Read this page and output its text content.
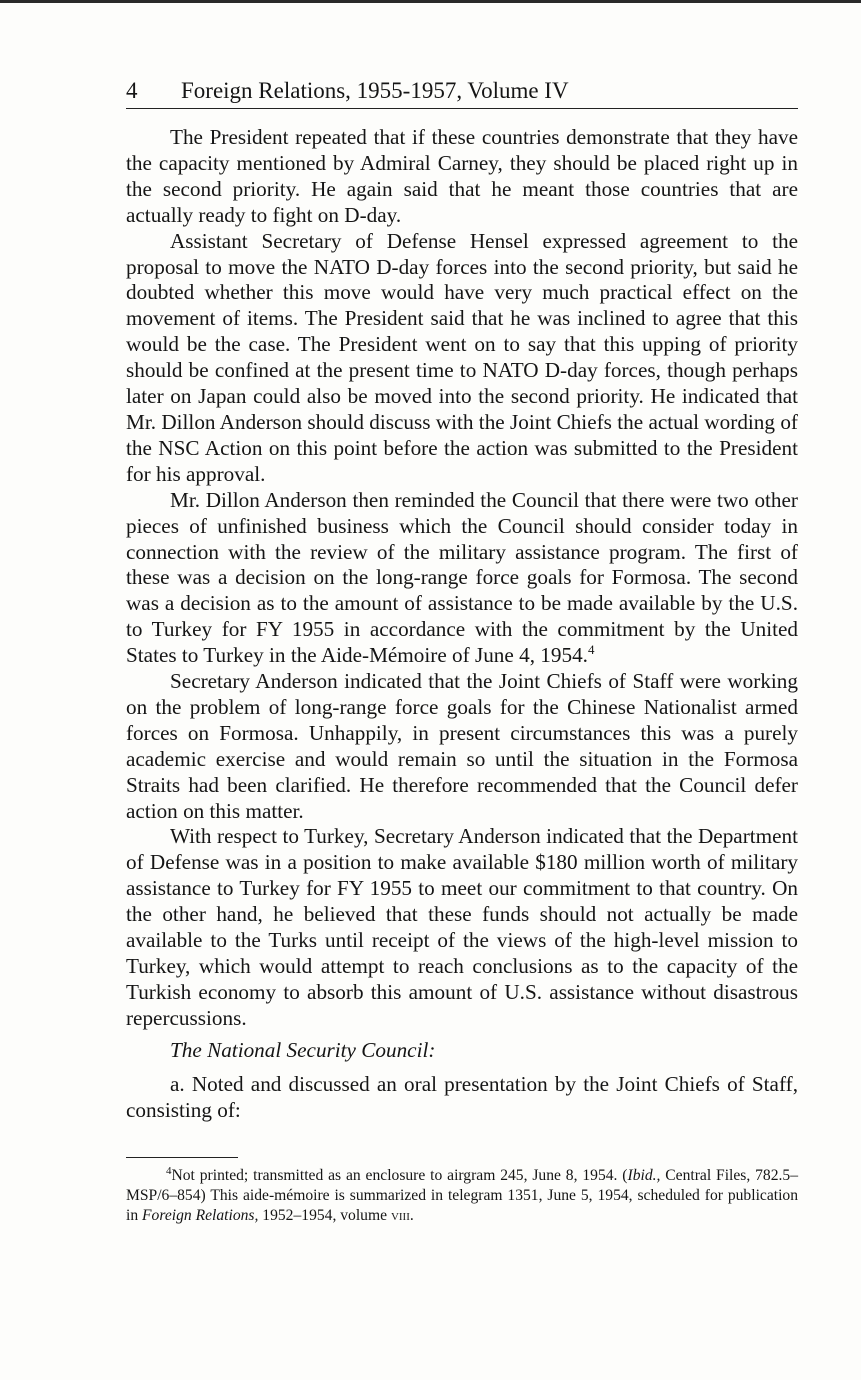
4	Foreign Relations, 1955-1957, Volume IV

The President repeated that if these countries demonstrate that they have the capacity mentioned by Admiral Carney, they should be placed right up in the second priority. He again said that he meant those countries that are actually ready to fight on D-day.

Assistant Secretary of Defense Hensel expressed agreement to the proposal to move the NATO D-day forces into the second priority, but said he doubted whether this move would have very much practical effect on the movement of items. The President said that he was inclined to agree that this would be the case. The President went on to say that this upping of priority should be confined at the present time to NATO D-day forces, though perhaps later on Japan could also be moved into the second priority. He indicated that Mr. Dillon Anderson should discuss with the Joint Chiefs the actual wording of the NSC Action on this point before the action was submitted to the President for his approval.

Mr. Dillon Anderson then reminded the Council that there were two other pieces of unfinished business which the Council should consider today in connection with the review of the military assistance program. The first of these was a decision on the long-range force goals for Formosa. The second was a decision as to the amount of assistance to be made available by the U.S. to Turkey for FY 1955 in accordance with the commitment by the United States to Turkey in the Aide-Mémoire of June 4, 1954.$^4$

Secretary Anderson indicated that the Joint Chiefs of Staff were working on the problem of long-range force goals for the Chinese Nationalist armed forces on Formosa. Unhappily, in present circumstances this was a purely academic exercise and would remain so until the situation in the Formosa Straits had been clarified. He therefore recommended that the Council defer action on this matter.

With respect to Turkey, Secretary Anderson indicated that the Department of Defense was in a position to make available $180 million worth of military assistance to Turkey for FY 1955 to meet our commitment to that country. On the other hand, he believed that these funds should not actually be made available to the Turks until receipt of the views of the high-level mission to Turkey, which would attempt to reach conclusions as to the capacity of the Turkish economy to absorb this amount of U.S. assistance without disastrous repercussions.

The National Security Council:

a. Noted and discussed an oral presentation by the Joint Chiefs of Staff, consisting of:

$^4$Not printed; transmitted as an enclosure to airgram 245, June 8, 1954. (Ibid., Central Files, 782.5–MSP/6–854) This aide-mémoire is summarized in telegram 1351, June 5, 1954, scheduled for publication in Foreign Relations, 1952–1954, volume viii.
